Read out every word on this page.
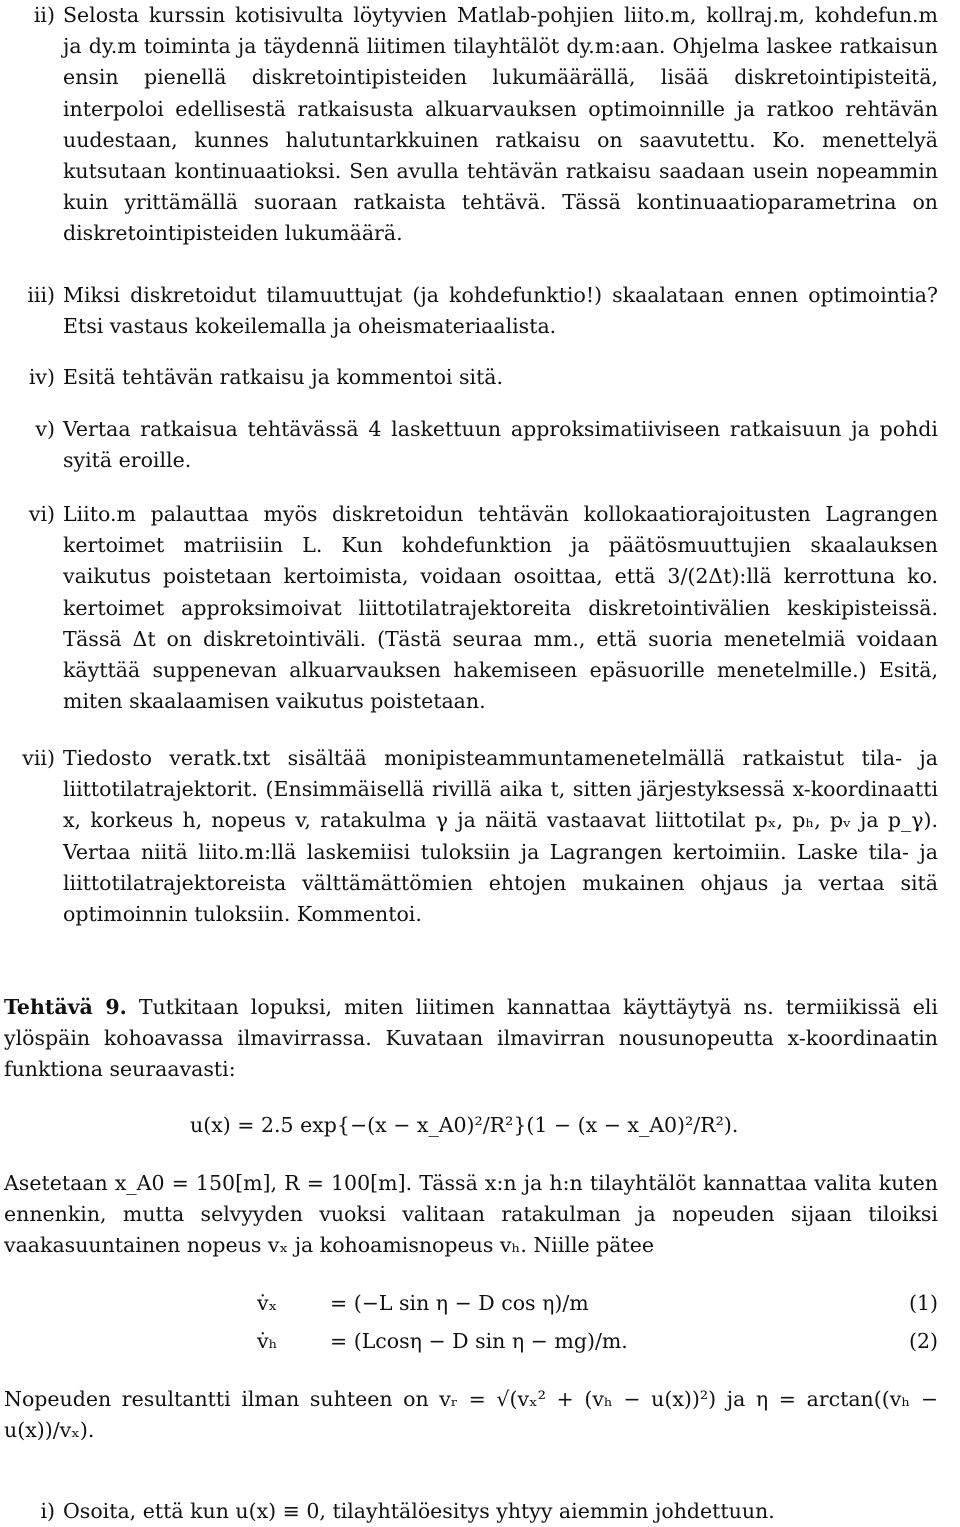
ii) Selosta kurssin kotisivulta löytyvien Matlab-pohjien liito.m, kollraj.m, kohdefun.m ja dy.m toiminta ja täydennä liitimen tilayhtälöt dy.m:aan. Ohjelma laskee ratkaisun ensin pienellä diskretointipisteiden lukumäärällä, lisää diskretointipisteitä, interpoloi edellisestä ratkaisusta alkuarvauksen optimoinnille ja ratkoo rehtävän uudestaan, kunnes halutuntarkkuinen ratkaisu on saavutettu. Ko. menettelyä kutsutaan kontinuaatioksi. Sen avulla tehtävän ratkaisu saadaan usein nopeammin kuin yrittämällä suoraan ratkaista tehtävä. Tässä kontinuaatioparametrina on diskretointipisteiden lukumäärä.
iii) Miksi diskretoidut tilamuuttujat (ja kohdefunktio!) skaalataan ennen optimointia? Etsi vastaus kokeilemalla ja oheismateriaalista.
iv) Esitä tehtävän ratkaisu ja kommentoi sitä.
v) Vertaa ratkaisua tehtävässä 4 laskettuun approksimatiiviseen ratkaisuun ja pohdi syitä eroille.
vi) Liito.m palauttaa myös diskretoidun tehtävän kollokaatiorajoitusten Lagrangen kertoimet matriisiin L. Kun kohdefunktion ja päätösmuuttujien skaalauksen vaikutus poistetaan kertoimista, voidaan osoittaa, että 3/(2Δt):llä kerrottuna ko. kertoimet approksimoivat liittotilatrajektoreita diskretointivälien keskipisteissä. Tässä Δt on diskretointiväli. (Tästä seuraa mm., että suoria menetelmiä voidaan käyttää suppenevan alkuarvauksen hakemiseen epäsuorille menetelmille.) Esitä, miten skaalaamisen vaikutus poistetaan.
vii) Tiedosto veratk.txt sisältää monipisteammuntamenetelmällä ratkaistut tila- ja liittotilatrajektorit. (Ensimmäisellä rivillä aika t, sitten järjestyksessä x-koordinaatti x, korkeus h, nopeus v, ratakulma γ ja näitä vastaavat liittotilat pₓ, pₕ, pᵥ ja p_γ). Vertaa niitä liito.m:llä laskemiisi tuloksiin ja Lagrangen kertoimiin. Laske tila- ja liittotilatrajektoreista välttämättömien ehtojen mukainen ohjaus ja vertaa sitä optimoinnin tuloksiin. Kommentoi.
Tehtävä 9. Tutkitaan lopuksi, miten liitimen kannattaa käyttäytyä ns. termiikissä eli ylöspäin kohoavassa ilmavirrassa. Kuvataan ilmavirran nousunopeutta x-koordinaatin funktiona seuraavasti:
u(x) = 2.5 exp{−(x − x_A0)²/R²}(1 − (x − x_A0)²/R²).
Asetetaan x_A0 = 150[m], R = 100[m]. Tässä x:n ja h:n tilayhtälöt kannattaa valita kuten ennenkin, mutta selvyyden vuoksi valitaan ratakulman ja nopeuden sijaan tiloiksi vaakasuuntainen nopeus vₓ ja kohoamisnopeus vₕ. Niille pätee
v̇ₓ	= (−L sin η − D cos η)/m	(1)
v̇ₕ	= (Lcosη − D sin η − mg)/m.	(2)
Nopeuden resultantti ilman suhteen on vᵣ = √(vₓ² + (vₕ − u(x))²) ja η = arctan((vₕ − u(x))/vₓ).
i) Osoita, että kun u(x) ≡ 0, tilayhtälöesitys yhtyy aiemmin johdettuun.
